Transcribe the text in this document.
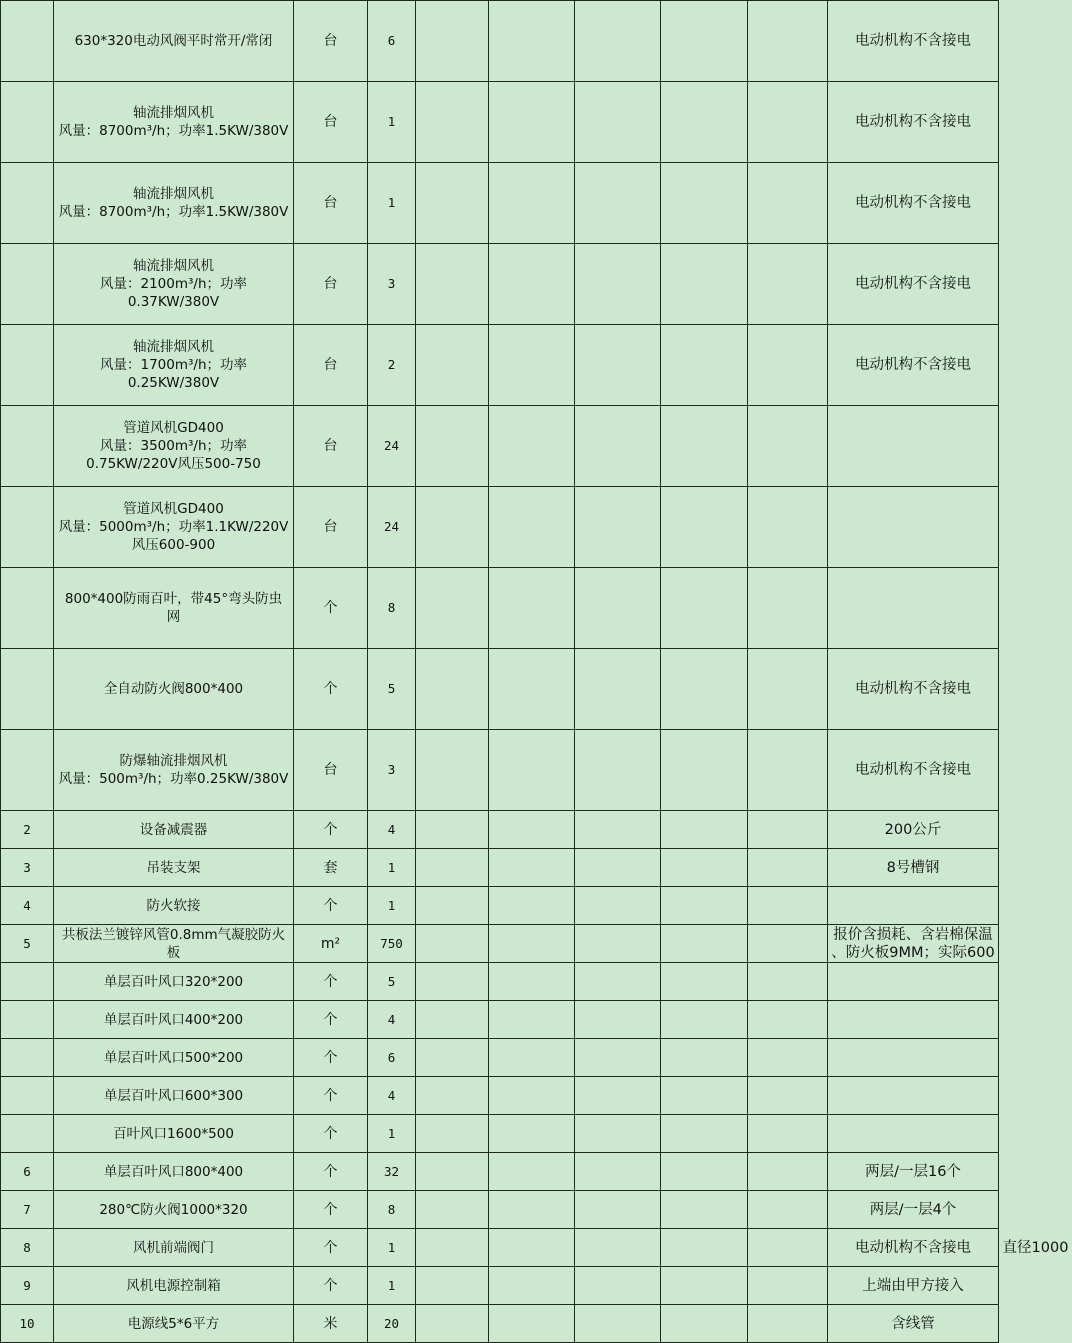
	630*320电动风阀平时常开/常闭	台	6						电动机构不含接电	

	轴流排烟风机
风量：8700m³/h；功率1.5KW/380V	台	1						电动机构不含接电	

	轴流排烟风机
风量：8700m³/h；功率1.5KW/380V	台	1						电动机构不含接电	

	轴流排烟风机
风量：2100m³/h；功率
0.37KW/380V	台	3						电动机构不含接电	

	轴流排烟风机
风量：1700m³/h；功率
0.25KW/380V	台	2						电动机构不含接电	

	管道风机GD400
风量：3500m³/h；功率
0.75KW/220V风压500-750	台	24							

	管道风机GD400
风量：5000m³/h；功率1.1KW/220V
风压600-900	台	24							

	800*400防雨百叶，带45°弯头防虫
网	个	8							

	全自动防火阀800*400	个	5						电动机构不含接电	

	防爆轴流排烟风机
风量：500m³/h；功率0.25KW/380V	台	3						电动机构不含接电	

2	设备减震器	个	4						200公斤	

3	吊装支架	套	1						8号槽钢	

4	防火软接	个	1							

5	共板法兰镀锌风管0.8mm气凝胶防火
板	m²	750						报价含损耗、含岩棉保温
、防火板9MM；实际600	

	单层百叶风口320*200	个	5							

	单层百叶风口400*200	个	4							

	单层百叶风口500*200	个	6							

	单层百叶风口600*300	个	4							

	百叶风口1600*500	个	1							

6	单层百叶风口800*400	个	32						两层/一层16个	

7	280℃防火阀1000*320	个	8						两层/一层4个	

8	风机前端阀门	个	1						电动机构不含接电	直径1000

9	风机电源控制箱	个	1						上端由甲方接入	

10	电源线5*6平方	米	20						含线管	
